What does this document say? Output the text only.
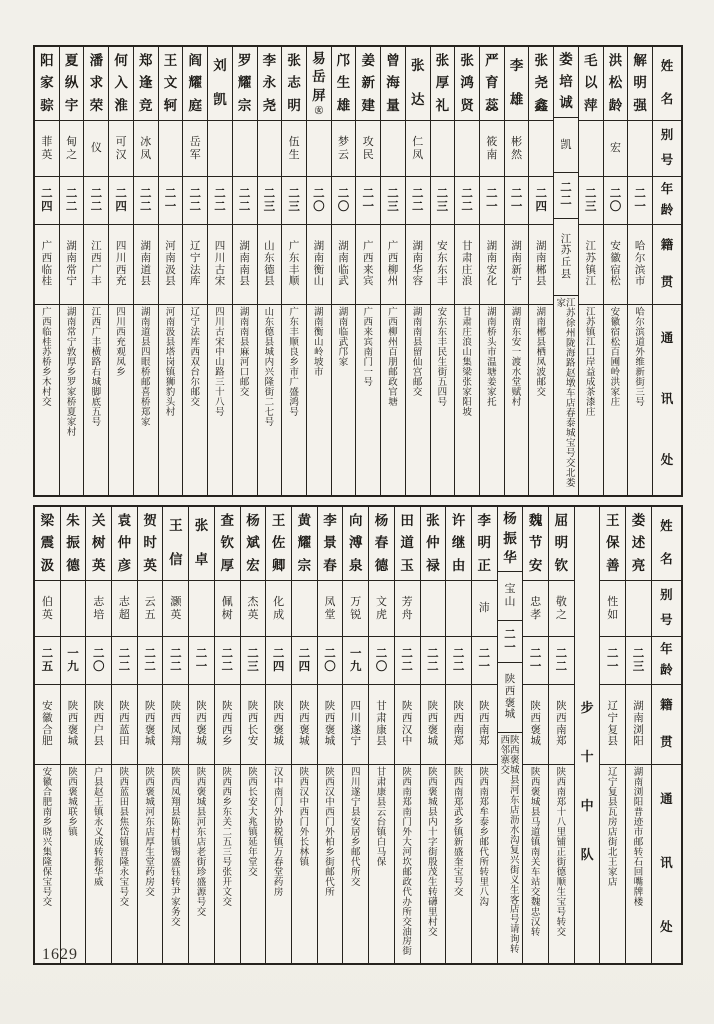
姓
名
别
号
年
龄
籍
贯
通
讯
处
解
明
强
二
一
哈
尔
滨
市
哈
尔
滨
道
外
维
新
街
三
号
洪
松
龄
宏
二
〇
安
徽
宿
松
安
徽
宿
松
百
圃
岭
洪
家
庄
毛
以
萍
二
三
江
苏
镇
江
江
苏
镇
江
口
岸
益
成
茶
漆
庄
娄
培
诚
凯
二
二
江
苏
丘
县
江
苏
徐
州
陇
海
路
赵
墩
车
店
春
泰
城
宝
号
交
北
娄
家
张
尧
鑫
二
四
湖
南
郴
县
湖
南
郴
县
栖
凤
波
邮
交
李
雄
彬
然
二
一
湖
南
新
宁
湖
南
东
安
一
渡
水
堂
赋
村
严
育
蕊
筱
南
二
一
湖
南
安
化
湖
南
桥
头
市
温
塘
姜
家
托
张
鸿
贤
二
二
甘
肃
庄
浪
甘
肃
庄
浪
山
集
梁
张
家
阳
坡
张
厚
礼
二
三
安
东
东
丰
安
东
东
丰
民
生
街
五
四
号
张
达
仁
凤
二
二
湖
南
华
容
湖
南
南
县
留
仙
宫
邮
交
曾
海
量
二
三
广
西
柳
州
广
西
柳
州
百
朋
邮
政
官
塘
姜
新
建
攻
民
二
一
广
西
来
宾
广
西
来
宾
南
门
一
号
邝
生
雄
梦
云
二
〇
湖
南
临
武
湖
南
临
武
邝
家
易
岳
屏
㊛
二
〇
湖
南
衡
山
湖
南
衡
山
岭
坡
市
张
志
明
伍
生
二
三
广
东
丰
顺
广
东
丰
顺
良
乡
市
广
盛
鸿
号
李
永
尧
二
三
山
东
德
县
山
东
德
县
城
内
兴
隆
街
二
七
号
罗
耀
宗
二
二
湖
南
南
县
湖
南
南
县
麻
河
口
邮
交
刘
凯
二
二
四
川
古
宋
四
川
古
宋
中
山
路
三
十
八
号
阎
耀
庭
岳
军
二
二
辽
宁
法
库
辽
宁
法
库
西
双
台
尔
邮
交
王
文
轲
二
一
河
南
汲
县
河
南
汲
县
塔
岗
镇
狮
豹
头
村
郑
逢
竞
冰
凤
二
二
湖
南
道
县
湖
南
道
县
四
眼
桥
邮
喜
桥
郑
家
何
入
淮
可
汉
二
四
四
川
西
充
四
川
西
充
观
凤
乡
潘
求
荣
仪
二
二
江
西
广
丰
江
西
广
丰
横
路
右
城
脚
底
五
号
夏
纵
宇
甸
之
二
二
湖
南
常
宁
湖
南
常
宁
敦
厚
乡
罗
家
桥
夏
家
村
阳
家
骔
菲
英
二
四
广
西
临
桂
广
西
临
桂
苏
桥
乡
木
村
交
姓
名
别
号
年
龄
籍
贯
通
讯
处
娄
述
亮
二
三
湖
南
浏
阳
湖
南
浏
阳
普
迹
市
邮
转
石
回
嘴
牌
楼
王
保
善
性
如
二
一
辽
宁
复
县
辽
宁
复
县
瓦
房
店
街
北
王
家
店
步
十
中
队
屈
明
钦
敬
之
二
二
陕
西
南
郑
陕
西
南
郑
十
八
里
铺
正
街
德
顺
生
宝
号
转
交
魏
节
安
忠
孝
二
一
陕
西
褒
城
陕
西
褒
城
县
马
道
镇
南
关
车
站
交
魏
忠
汉
转
杨
振
华
宝
山
二
一
陕
西
褒
城
陕
西
褒
城
县
河
东
店
沥
水
沟
复
兴
街
义
生
客
店
号
请
询
转
西
邻
寨
交
李
明
正
沛
二
一
陕
西
南
郑
陕
西
南
郑
牟
泰
乡
邮
代
所
转
里
八
沟
许
继
由
二
二
陕
西
南
郑
陕
西
南
郑
武
乡
镇
新
盛
奎
宝
号
交
张
仲
禄
二
二
陕
西
褒
城
陕
西
褒
城
县
内
十
字
街
殷
茂
生
转
礴
里
村
交
田
道
玉
芳
舟
二
二
陕
西
汉
中
陕
西
南
郑
南
门
外
大
河
坎
邮
政
代
办
所
交
油
房
街
杨
春
德
文
虎
二
〇
甘
肃
康
县
甘
肃
康
县
云
台
镇
白
马
保
向
溥
泉
万
锐
一
九
四
川
遂
宁
四
川
遂
宁
县
安
居
乡
邮
代
所
交
李
景
春
凤
堂
二
〇
陕
西
褒
城
陕
西
汉
中
西
门
外
柏
乡
街
邮
代
所
黄
耀
宗
二
四
陕
西
褒
城
陕
西
汉
中
西
门
外
长
林
镇
王
佐
卿
化
成
二
四
陕
西
褒
城
汉
中
南
门
外
协
税
镇
万
春
堂
药
房
杨
斌
宏
杰
英
二
三
陕
西
长
安
陕
西
长
安
大
兆
镇
延
年
堂
交
查
钦
厚
佩
树
二
二
陕
西
西
乡
陕
西
西
乡
东
关
二
五
三
号
张
开
文
交
张
卓
二
一
陕
西
褒
城
陕
西
褒
城
县
河
东
店
老
街
珍
盛
源
号
交
王
信
灏
英
二
二
陕
西
凤
翔
陕
西
凤
翔
县
陈
村
镇
锡
盛
钰
转
尹
家
务
交
贺
时
英
云
五
二
二
陕
西
褒
城
陕
西
褒
城
河
东
店
厚
生
堂
药
房
交
袁
仲
彦
志
超
二
二
陕
西
蓝
田
陕
西
蓝
田
县
焦
岱
镇
晋
隆
永
宝
号
交
关
树
英
志
培
二
〇
陕
西
户
县
户
县
赵
王
镇
永
义
成
转
振
华
威
朱
振
德
一
九
陕
西
褒
城
陕
西
褒
城
联
乡
镇
梁
震
汲
伯
英
二
五
安
徽
合
肥
安
徽
合
肥
南
乡
晓
兴
集
隆
保
宝
号
交
1629
